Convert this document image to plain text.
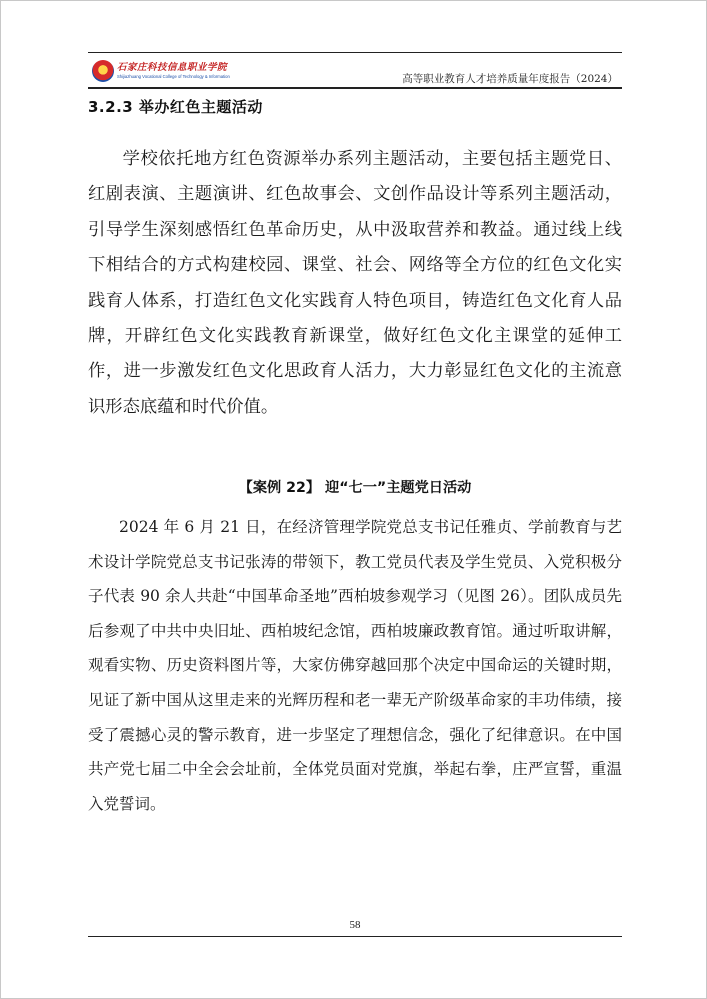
石家庄科技信息职业学院
Shijiazhuang Vocational College of Technology & Information	高等职业教育人才培养质量年度报告（2024）
3.2.3 举办红色主题活动

学校依托地方红色资源举办系列主题活动，主要包括主题党日、红剧表演、主题演讲、红色故事会、文创作品设计等系列主题活动，引导学生深刻感悟红色革命历史，从中汲取营养和教益。通过线上线下相结合的方式构建校园、课堂、社会、网络等全方位的红色文化实践育人体系，打造红色文化实践育人特色项目，铸造红色文化育人品牌，开辟红色文化实践教育新课堂，做好红色文化主课堂的延伸工作，进一步激发红色文化思政育人活力，大力彰显红色文化的主流意识形态底蕴和时代价值。

【案例 22】 迎“七一”主题党日活动

2024 年 6 月 21 日，在经济管理学院党总支书记任雅贞、学前教育与艺术设计学院党总支书记张涛的带领下，教工党员代表及学生党员、入党积极分子代表 90 余人共赴“中国革命圣地”西柏坡参观学习（见图 26）。团队成员先后参观了中共中央旧址、西柏坡纪念馆，西柏坡廉政教育馆。通过听取讲解，观看实物、历史资料图片等，大家仿佛穿越回那个决定中国命运的关键时期，见证了新中国从这里走来的光辉历程和老一辈无产阶级革命家的丰功伟绩，接受了震撼心灵的警示教育，进一步坚定了理想信念，强化了纪律意识。在中国共产党七届二中全会会址前，全体党员面对党旗，举起右拳，庄严宣誓，重温入党誓词。

58
